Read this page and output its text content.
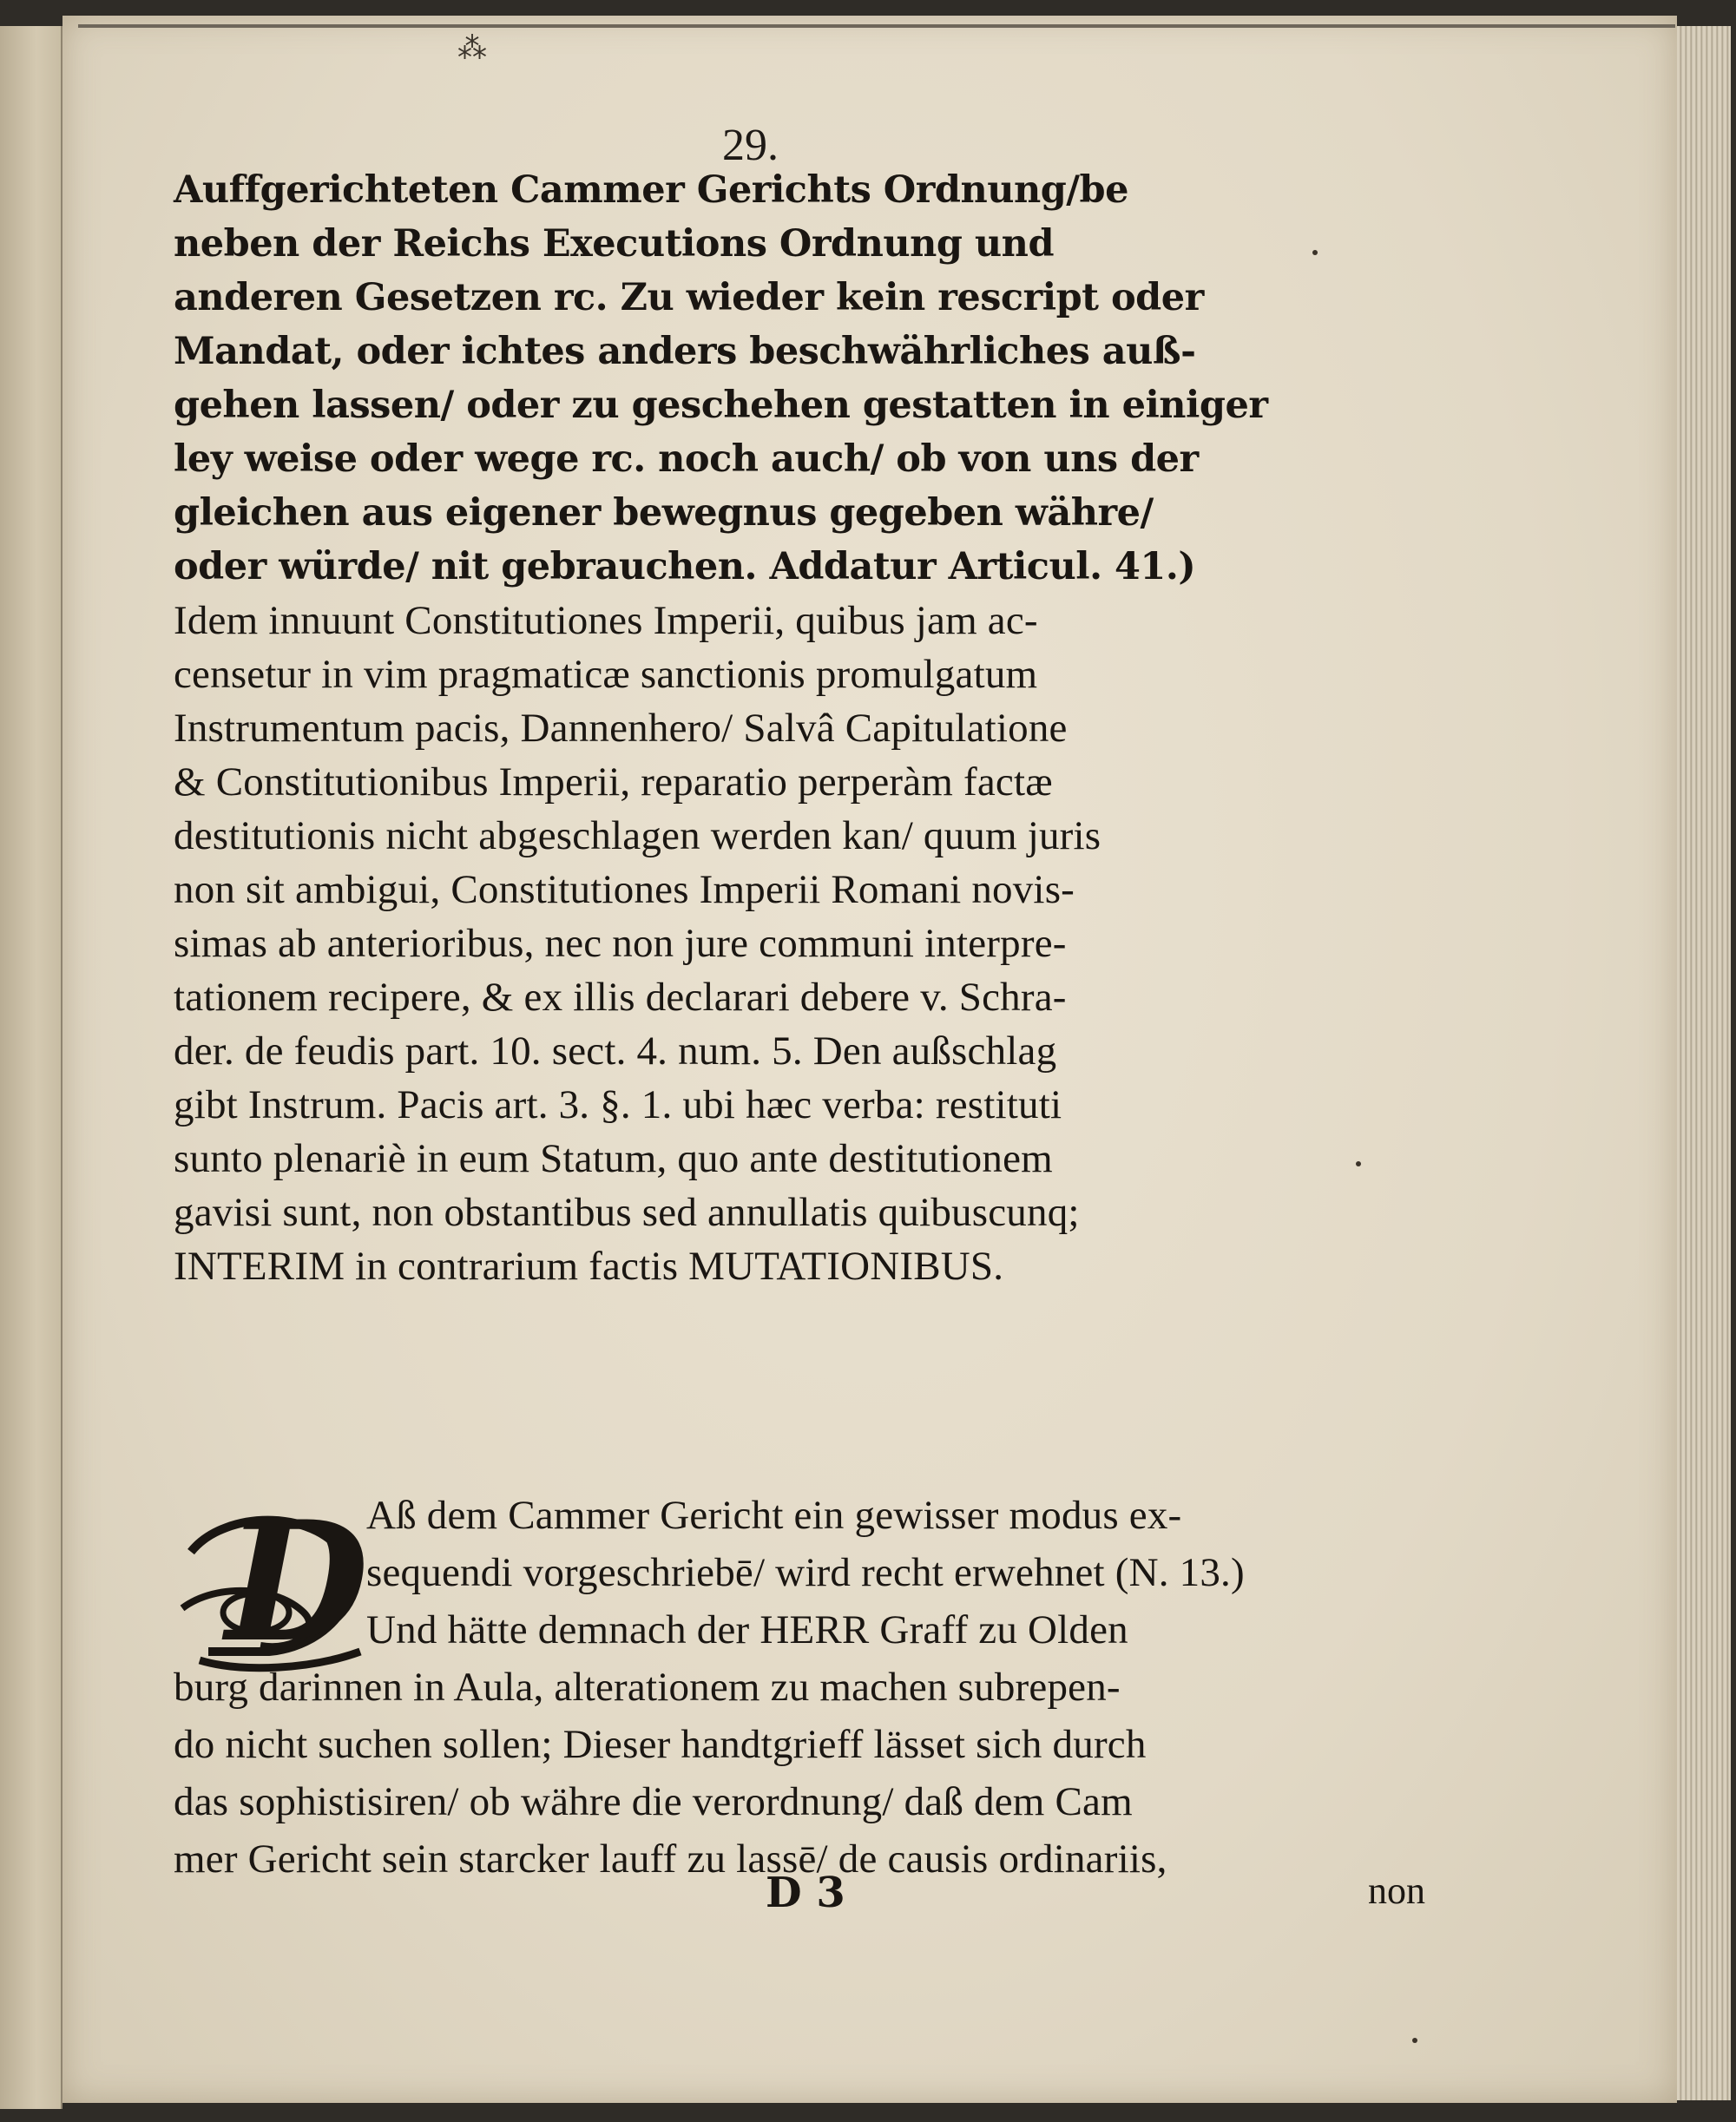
⁂
29.
Auffgerichteten Cammer Gerichts Ordnung/be
neben der Reichs Executions Ordnung und
anderen Gesetzen rc. Zu wieder kein rescript oder
Mandat, oder ichtes anders beschwährliches auß-
gehen lassen/ oder zu geschehen gestatten in einiger
ley weise oder wege rc. noch auch/ ob von uns der
gleichen aus eigener bewegnus gegeben währe/
oder würde/ nit gebrauchen. Addatur Articul. 41.)
Idem innuunt Constitutiones Imperii, quibus jam ac-
censetur in vim pragmaticæ sanctionis promulgatum
Instrumentum pacis, Dannenhero/ Salvâ Capitulatione
& Constitutionibus Imperii, reparatio perperàm factæ
destitutionis nicht abgeschlagen werden kan/ quum juris
non sit ambigui, Constitutiones Imperii Romani novis-
simas ab anterioribus, nec non jure communi interpre-
tationem recipere, & ex illis declarari debere v. Schra-
der. de feudis part. 10. sect. 4. num. 5. Den außschlag
gibt Instrum. Pacis art. 3. §. 1. ubi hæc verba: restituti
sunto plenariè in eum Statum, quo ante destitutionem
gavisi sunt, non obstantibus sed annullatis quibuscunq;
INTERIM in contrarium factis MUTATIONIBUS.
D
Aß dem Cammer Gericht ein gewisser modus ex-
sequendi vorgeschriebē/ wird recht erwehnet (N. 13.)
Und hätte demnach der HERR Graff zu Olden
burg darinnen in Aula, alterationem zu machen subrepen-
do nicht suchen sollen; Dieser handtgrieff lässet sich durch
das sophistisiren/ ob währe die verordnung/ daß dem Cam
mer Gericht sein starcker lauff zu lassē/ de causis ordinariis,
D 3	non
